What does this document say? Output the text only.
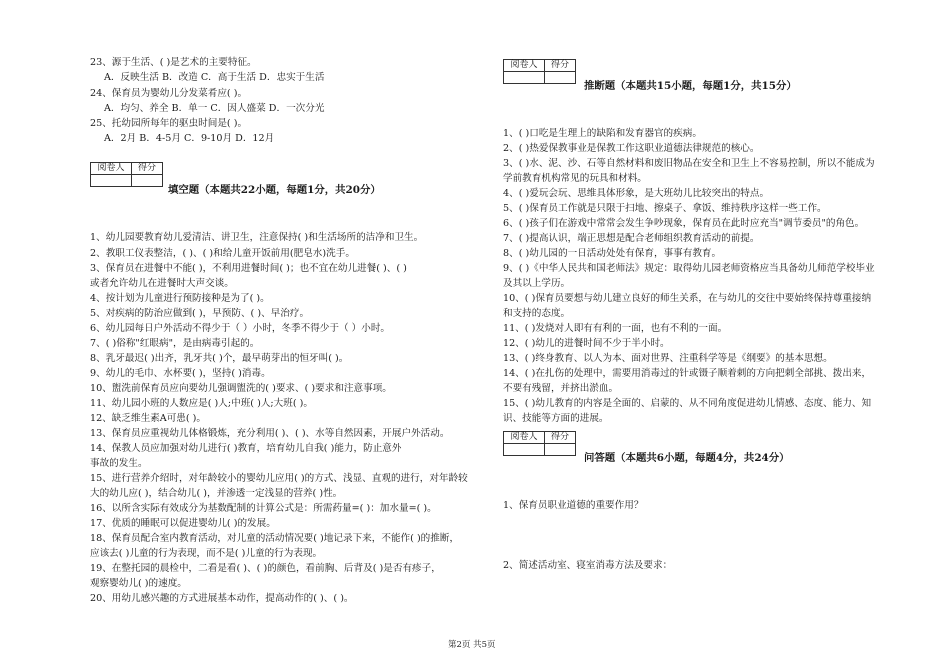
23、源于生活、( )是艺术的主要特征。
A．反映生活 B．改造 C．高于生活 D．忠实于生活
24、保育员为婴幼儿分发菜肴应( )。
A．均匀、养全 B．单一 C．因人盛菜 D．一次分光
25、托幼园所每年的驱虫时间是( )。
A．2月 B．4-5月 C．9-10月 D．12月
阅卷人	得分

填空题（本题共22小题，每题1分，共20分）
1、幼儿园要教育幼儿爱清洁、讲卫生，注意保持( )和生活场所的洁净和卫生。
2、教职工仪表整洁，( )、( )和给儿童开饭前用(肥皂水)洗手。
3、保育员在进餐中不能( )，不利用进餐时间( )；也不宜在幼儿进餐( )、( )
或者允许幼儿在进餐时大声交谈。
4、按计划为儿童进行预防接种是为了( )。
5、对疾病的防治应做到( )，早预防、( )、早治疗。
6、幼儿园每日户外活动不得少于（ ）小时，冬季不得少于（ ）小时。
7、( )俗称"红眼病"，是由病毒引起的。
8、乳牙最迟( )出齐，乳牙共( )个，最早萌芽出的恒牙叫( )。
9、幼儿的毛巾、水杯要( )，坚持( )消毒。
10、盥洗前保育员应向要幼儿强调盥洗的( )要求、( )要求和注意事项。
11、幼儿园小班的人数应是( )人;中班( )人;大班( )。
12、缺乏维生素A可患( )。
13、保育员应重视幼儿体格锻炼，充分利用( )、( )、水等自然因素，开展户外活动。
14、保教人员应加强对幼儿进行( )教育，培育幼儿自我( )能力，防止意外
事故的发生。
15、进行营养介绍时，对年龄较小的婴幼儿应用( )的方式、浅显、直观的进行，对年龄较
大的幼儿应( )，结合幼儿( )，并渗透一定浅显的营养( )性。
16、以所含实际有效成分为基数配制的计算公式是：所需药量=( )：加水量=( )。
17、优质的睡眠可以促进婴幼儿( )的发展。
18、保育员配合室内教育活动，对儿童的活动情况要( )地记录下来，不能作( )的推断，
应该去( )儿童的行为表现，而不是( )儿童的行为表现。
19、在整托园的晨检中，二看是看( )、( )的颜色，看前胸、后背及( )是否有疹子，
观察婴幼儿( )的速度。
20、用幼儿感兴趣的方式进展基本动作，提高动作的( )、( )。
阅卷人	得分

推断题（本题共15小题，每题1分，共15分）
1、( )口吃是生理上的缺陷和发育器官的疾病。
2、( )热爱保教事业是保教工作这职业道德法律规范的核心。
3、( )水、泥、沙、石等自然材料和废旧物品在安全和卫生上不容易控制，所以不能成为
学前教育机构常见的玩具和材料。
4、( )爱玩会玩、思维具体形象，是大班幼儿比较突出的特点。
5、( )保育员工作就是只限于扫地、擦桌子、拿饭、维持秩序这样一些工作。
6、( )孩子们在游戏中常常会发生争吵现象，保育员在此时应充当"调节委员"的角色。
7、( )提高认识，端正思想是配合老师组织教育活动的前提。
8、( )幼儿园的一日活动处处有保育，事事有教育。
9、( )《中华人民共和国老师法》规定：取得幼儿园老师资格应当具备幼儿师范学校毕业
及其以上学历。
10、( )保育员要想与幼儿建立良好的师生关系，在与幼儿的交往中要始终保持尊重接纳
和支持的态度。
11、( )发烧对人即有有利的一面，也有不利的一面。
12、( )幼儿的进餐时间不少于半小时。
13、( )终身教育、以人为本、面对世界、注重科学等是《纲要》的基本思想。
14、( )在扎伤的处理中，需要用消毒过的针或镊子顺着刺的方向把刺全部挑、拨出来，
不要有残留，并挤出淤血。
15、( )幼儿教育的内容是全面的、启蒙的、从不同角度促进幼儿情感、态度、能力、知
识、技能等方面的进展。
阅卷人	得分

问答题（本题共6小题，每题4分，共24分）
1、保育员职业道德的重要作用？
2、简述活动室、寝室消毒方法及要求：
第2页 共5页
